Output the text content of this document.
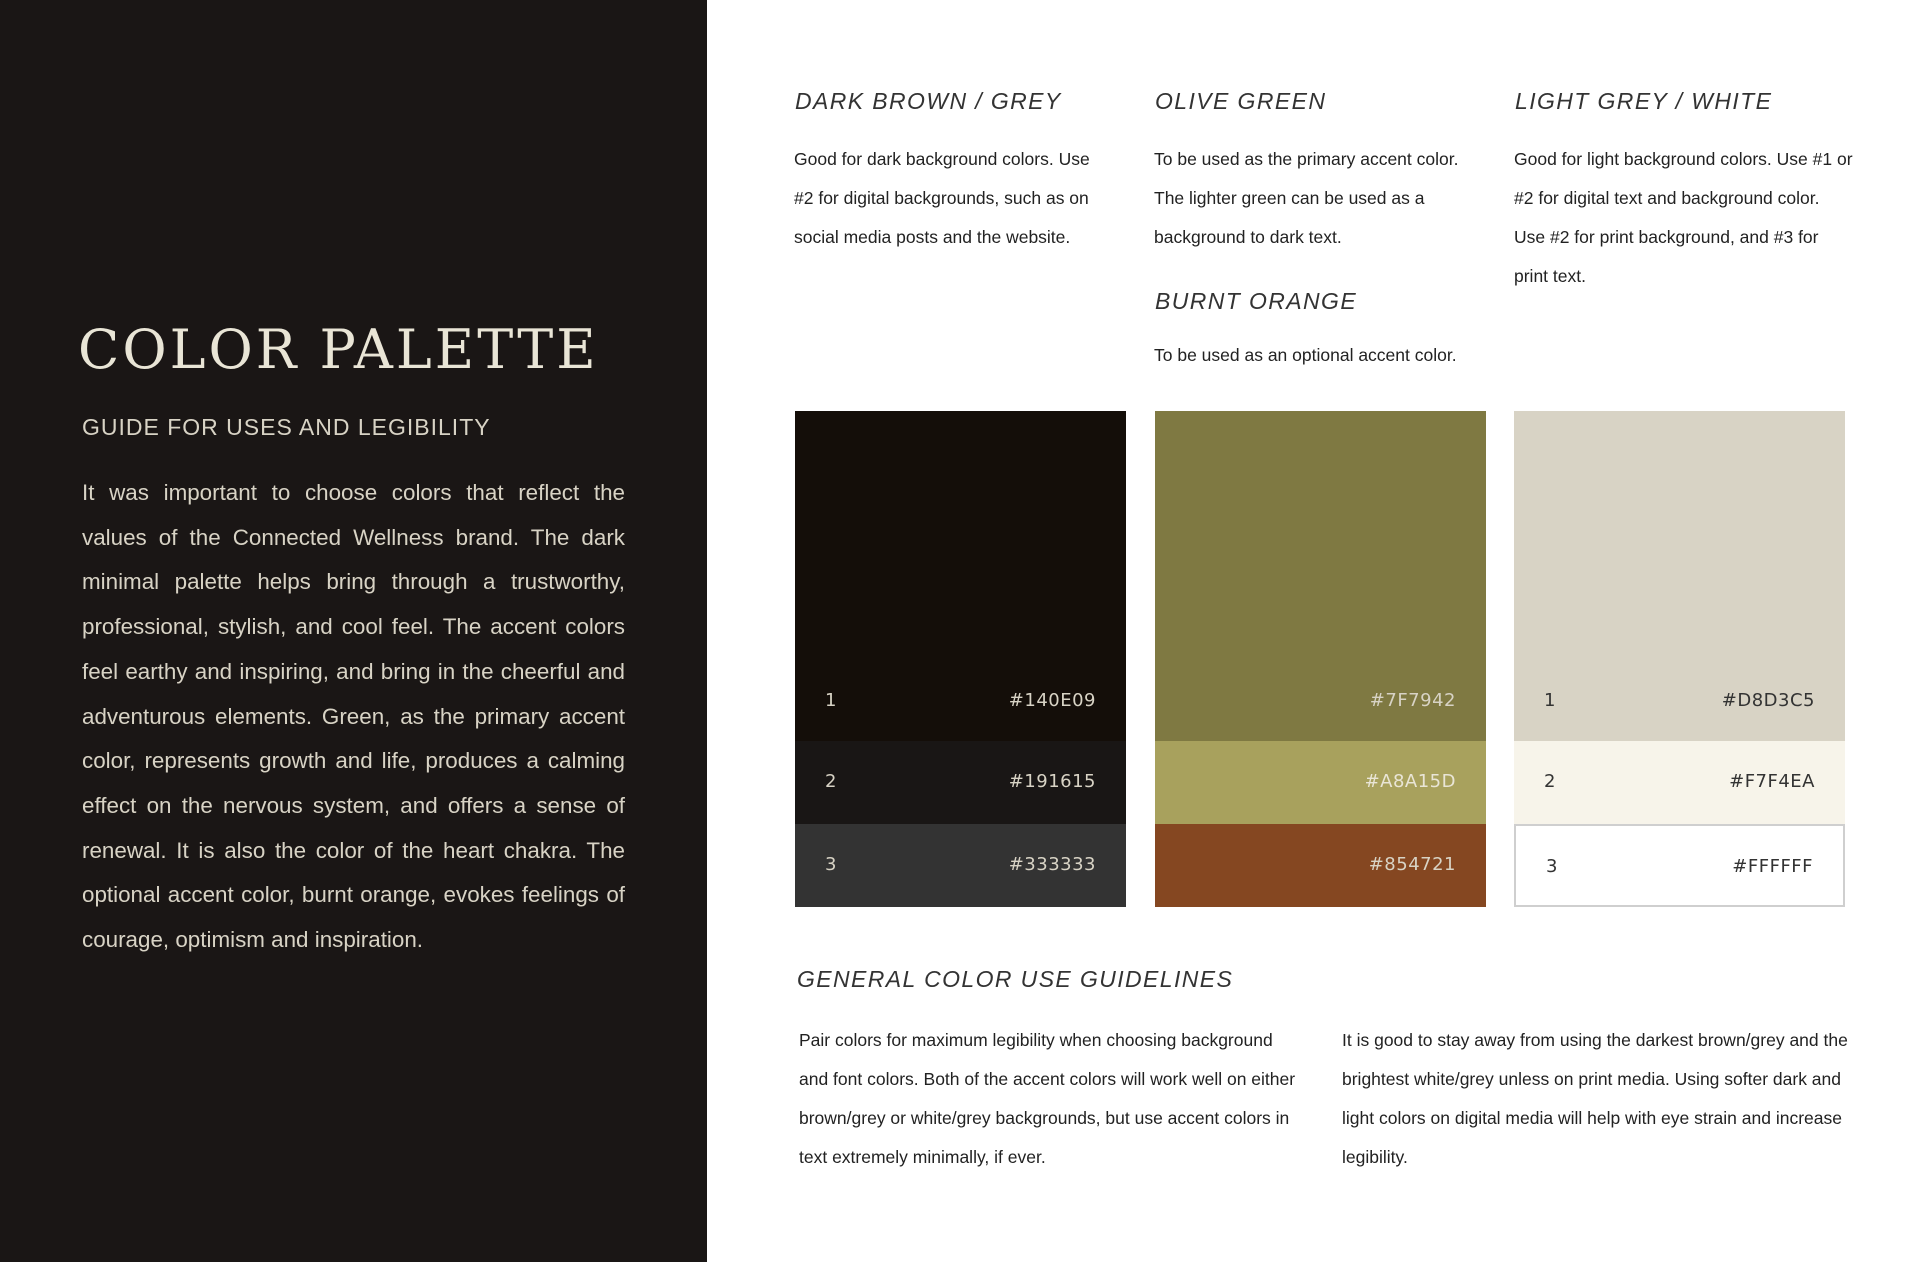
COLOR PALETTE
GUIDE FOR USES AND LEGIBILITY

It was important to choose colors that reflect the values of the Connected Wellness brand. The dark minimal palette helps bring through a trustworthy, professional, stylish, and cool feel. The accent colors feel earthy and inspiring, and bring in the cheerful and adventurous elements. Green, as the primary accent color, represents growth and life, produces a calming effect on the nervous system, and offers a sense of renewal. It is also the color of the heart chakra. The optional accent color, burnt orange, evokes feelings of courage, optimism and inspiration.

DARK BROWN / GREY

Good for dark background colors. Use #2 for digital backgrounds, such as on social media posts and the website.

OLIVE GREEN

To be used as the primary accent color. The lighter green can be used as a background to dark text.

BURNT ORANGE

To be used as an optional accent color.

LIGHT GREY / WHITE

Good for light background colors. Use #1 or #2 for digital text and background color. Use #2 for print background, and #3 for print text.

1	#140E09
2	#191615
3	#333333
#7F7942
#A8A15D
#854721
1	#D8D3C5
2	#F7F4EA
3	#FFFFFF
GENERAL COLOR USE GUIDELINES

Pair colors for maximum legibility when choosing background and font colors. Both of the accent colors will work well on either brown/grey or white/grey backgrounds, but use accent colors in text extremely minimally, if ever.

It is good to stay away from using the darkest brown/grey and the brightest white/grey unless on print media. Using softer dark and light colors on digital media will help with eye strain and increase legibility.
